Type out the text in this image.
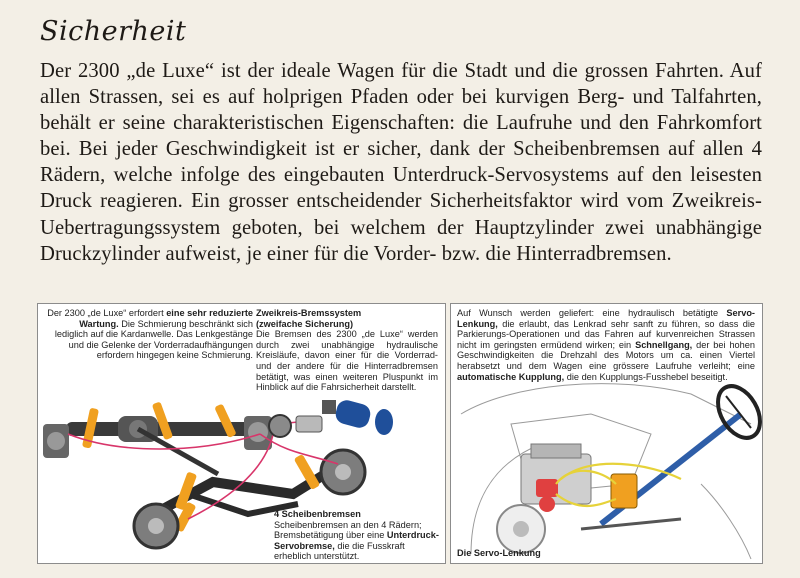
Sicherheit
Der 2300 „de Luxe“ ist der ideale Wagen für die Stadt und die grossen Fahrten. Auf allen Strassen, sei es auf holprigen Pfaden oder bei kurvigen Berg- und Talfahrten, behält er seine charakteristischen Eigenschaften: die Laufruhe und den Fahrkomfort bei. Bei jeder Geschwindigkeit ist er sicher, dank der Scheibenbremsen auf allen 4 Rädern, welche infolge des eingebauten Unterdruck-Servosystems auf den leisesten Druck reagieren. Ein grosser entscheidender Sicherheitsfaktor wird vom Zweikreis-Uebertragungssystem geboten, bei welchem der Hauptzylinder zwei unabhängige Druckzylinder aufweist, je einer für die Vorder- bzw. die Hinterradbremsen.
Der 2300 „de Luxe“ erfordert eine sehr reduzierte Wartung. Die Schmierung beschränkt sich lediglich auf die Kardanwelle. Das Lenkgestänge und die Gelenke der Vorderradaufhängungen erfordern hingegen keine Schmierung.
Zweikreis-Bremssystem
(zweifache Sicherung)
Die Bremsen des 2300 „de Luxe“ werden durch zwei unabhängige hydraulische Kreisläufe, davon einer für die Vorderrad- und der andere für die Hinterradbremsen betätigt, was einen weiteren Pluspunkt im Hinblick auf die Fahrsicherheit darstellt.
4 Scheibenbremsen
Scheibenbremsen an den 4 Rädern; Bremsbetätigung über eine Unterdruck-Servobremse, die die Fusskraft erheblich unterstützt.
Auf Wunsch werden geliefert: eine hydraulisch betätigte Servo-Lenkung, die erlaubt, das Lenkrad sehr sanft zu führen, so dass die Parkierungs-Operationen und das Fahren auf kurvenreichen Strassen nicht im geringsten ermüdend wirken; ein Schnellgang, der bei hohen Geschwindigkeiten die Drehzahl des Motors um ca. einen Viertel herabsetzt und dem Wagen eine grössere Laufruhe verleiht; eine automatische Kupplung, die den Kupplungs-Fusshebel beseitigt.
Die Servo-Lenkung
